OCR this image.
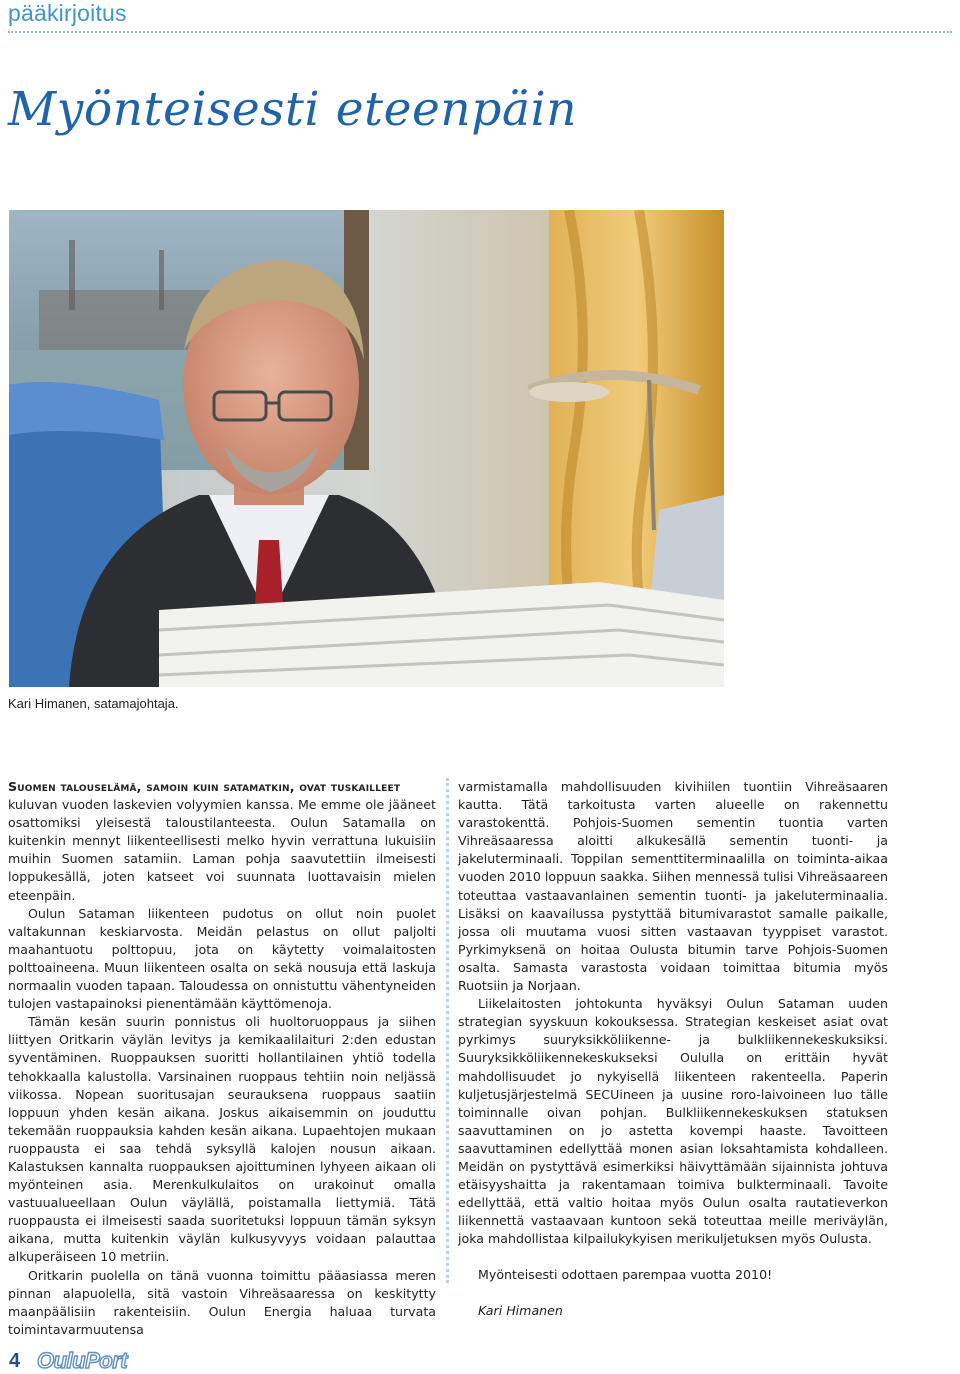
pääkirjoitus
Myönteisesti eteenpäin
Kari Himanen, satamajohtaja.

Suomen talouselämä, samoin kuin satamatkin, ovat tuskailleet
kuluvan vuoden laskevien volyymien kanssa. Me emme ole jääneet osattomiksi yleisestä taloustilanteesta. Oulun Satamalla on kuitenkin mennyt liikenteellisesti melko hyvin verrattuna lukuisiin muihin Suomen satamiin. Laman pohja saavutettiin ilmeisesti loppukesällä, joten katseet voi suunnata luottavaisin mielen eteenpäin.

Oulun Sataman liikenteen pudotus on ollut noin puolet valtakunnan keskiarvosta. Meidän pelastus on ollut paljolti maahantuotu polttopuu, jota on käytetty voimalaitosten polttoaineena. Muun liikenteen osalta on sekä nousuja että laskuja normaalin vuoden tapaan. Taloudessa on onnistuttu vähentyneiden tulojen vastapainoksi pienentämään käyttömenoja.

Tämän kesän suurin ponnistus oli huoltoruoppaus ja siihen liittyen Oritkarin väylän levitys ja kemikaalilaituri 2:den edustan syventäminen. Ruoppauksen suoritti hollantilainen yhtiö todella tehokkaalla kalustolla. Varsinainen ruoppaus tehtiin noin neljässä viikossa. Nopean suoritusajan seurauksena ruoppaus saatiin loppuun yhden kesän aikana. Joskus aikaisemmin on jouduttu tekemään ruoppauksia kahden kesän aikana. Lupaehtojen mukaan ruoppausta ei saa tehdä syksyllä kalojen nousun aikaan. Kalastuksen kannalta ruoppauksen ajoittuminen lyhyeen aikaan oli myönteinen asia. Merenkulkulaitos on urakoinut omalla vastuualueellaan Oulun väylällä, poistamalla liettymiä. Tätä ruoppausta ei ilmeisesti saada suoritetuksi loppuun tämän syksyn aikana, mutta kuitenkin väylän kulkusyvyys voidaan palauttaa alkuperäiseen 10 metriin.

Oritkarin puolella on tänä vuonna toimittu pääasiassa meren pinnan alapuolella, sitä vastoin Vihreäsaaressa on keskitytty maanpäälisiin rakenteisiin. Oulun Energia haluaa turvata toimintavarmuutensa

varmistamalla mahdollisuuden kivihiilen tuontiin Vihreäsaaren kautta. Tätä tarkoitusta varten alueelle on rakennettu varastokenttä. Pohjois-Suomen sementin tuontia varten Vihreäsaaressa aloitti alkukesällä sementin tuonti- ja jakeluterminaali. Toppilan sementtiterminaalilla on toiminta-aikaa vuoden 2010 loppuun saakka. Siihen mennessä tulisi Vihreäsaareen toteuttaa vastaavanlainen sementin tuonti- ja jakeluterminaalia. Lisäksi on kaavailussa pystyttää bitumivarastot samalle paikalle, jossa oli muutama vuosi sitten vastaavan tyyppiset varastot. Pyrkimyksenä on hoitaa Oulusta bitumin tarve Pohjois-Suomen osalta. Samasta varastosta voidaan toimittaa bitumia myös Ruotsiin ja Norjaan.

Liikelaitosten johtokunta hyväksyi Oulun Sataman uuden strategian syyskuun kokouksessa. Strategian keskeiset asiat ovat pyrkimys suuryksikköliikenne- ja bulkliikennekeskuksiksi. Suuryksikköliikennekeskukseksi Oululla on erittäin hyvät mahdollisuudet jo nykyisellä liikenteen rakenteella. Paperin kuljetusjärjestelmä SECUineen ja uusine roro-laivoineen luo tälle toiminnalle oivan pohjan. Bulkliikennekeskuksen statuksen saavuttaminen on jo astetta kovempi haaste. Tavoitteen saavuttaminen edellyttää monen asian loksahtamista kohdalleen. Meidän on pystyttävä esimerkiksi häivyttämään sijainnista johtuva etäisyyshaitta ja rakentamaan toimiva bulkterminaali. Tavoite edellyttää, että valtio hoitaa myös Oulun osalta rautatieverkon liikennettä vastaavaan kuntoon sekä toteuttaa meille meriväylän, joka mahdollistaa kilpailukykyisen merikuljetuksen myös Oulusta.

Myönteisesti odottaen parempaa vuotta 2010!

Kari Himanen

4 OuluPort
